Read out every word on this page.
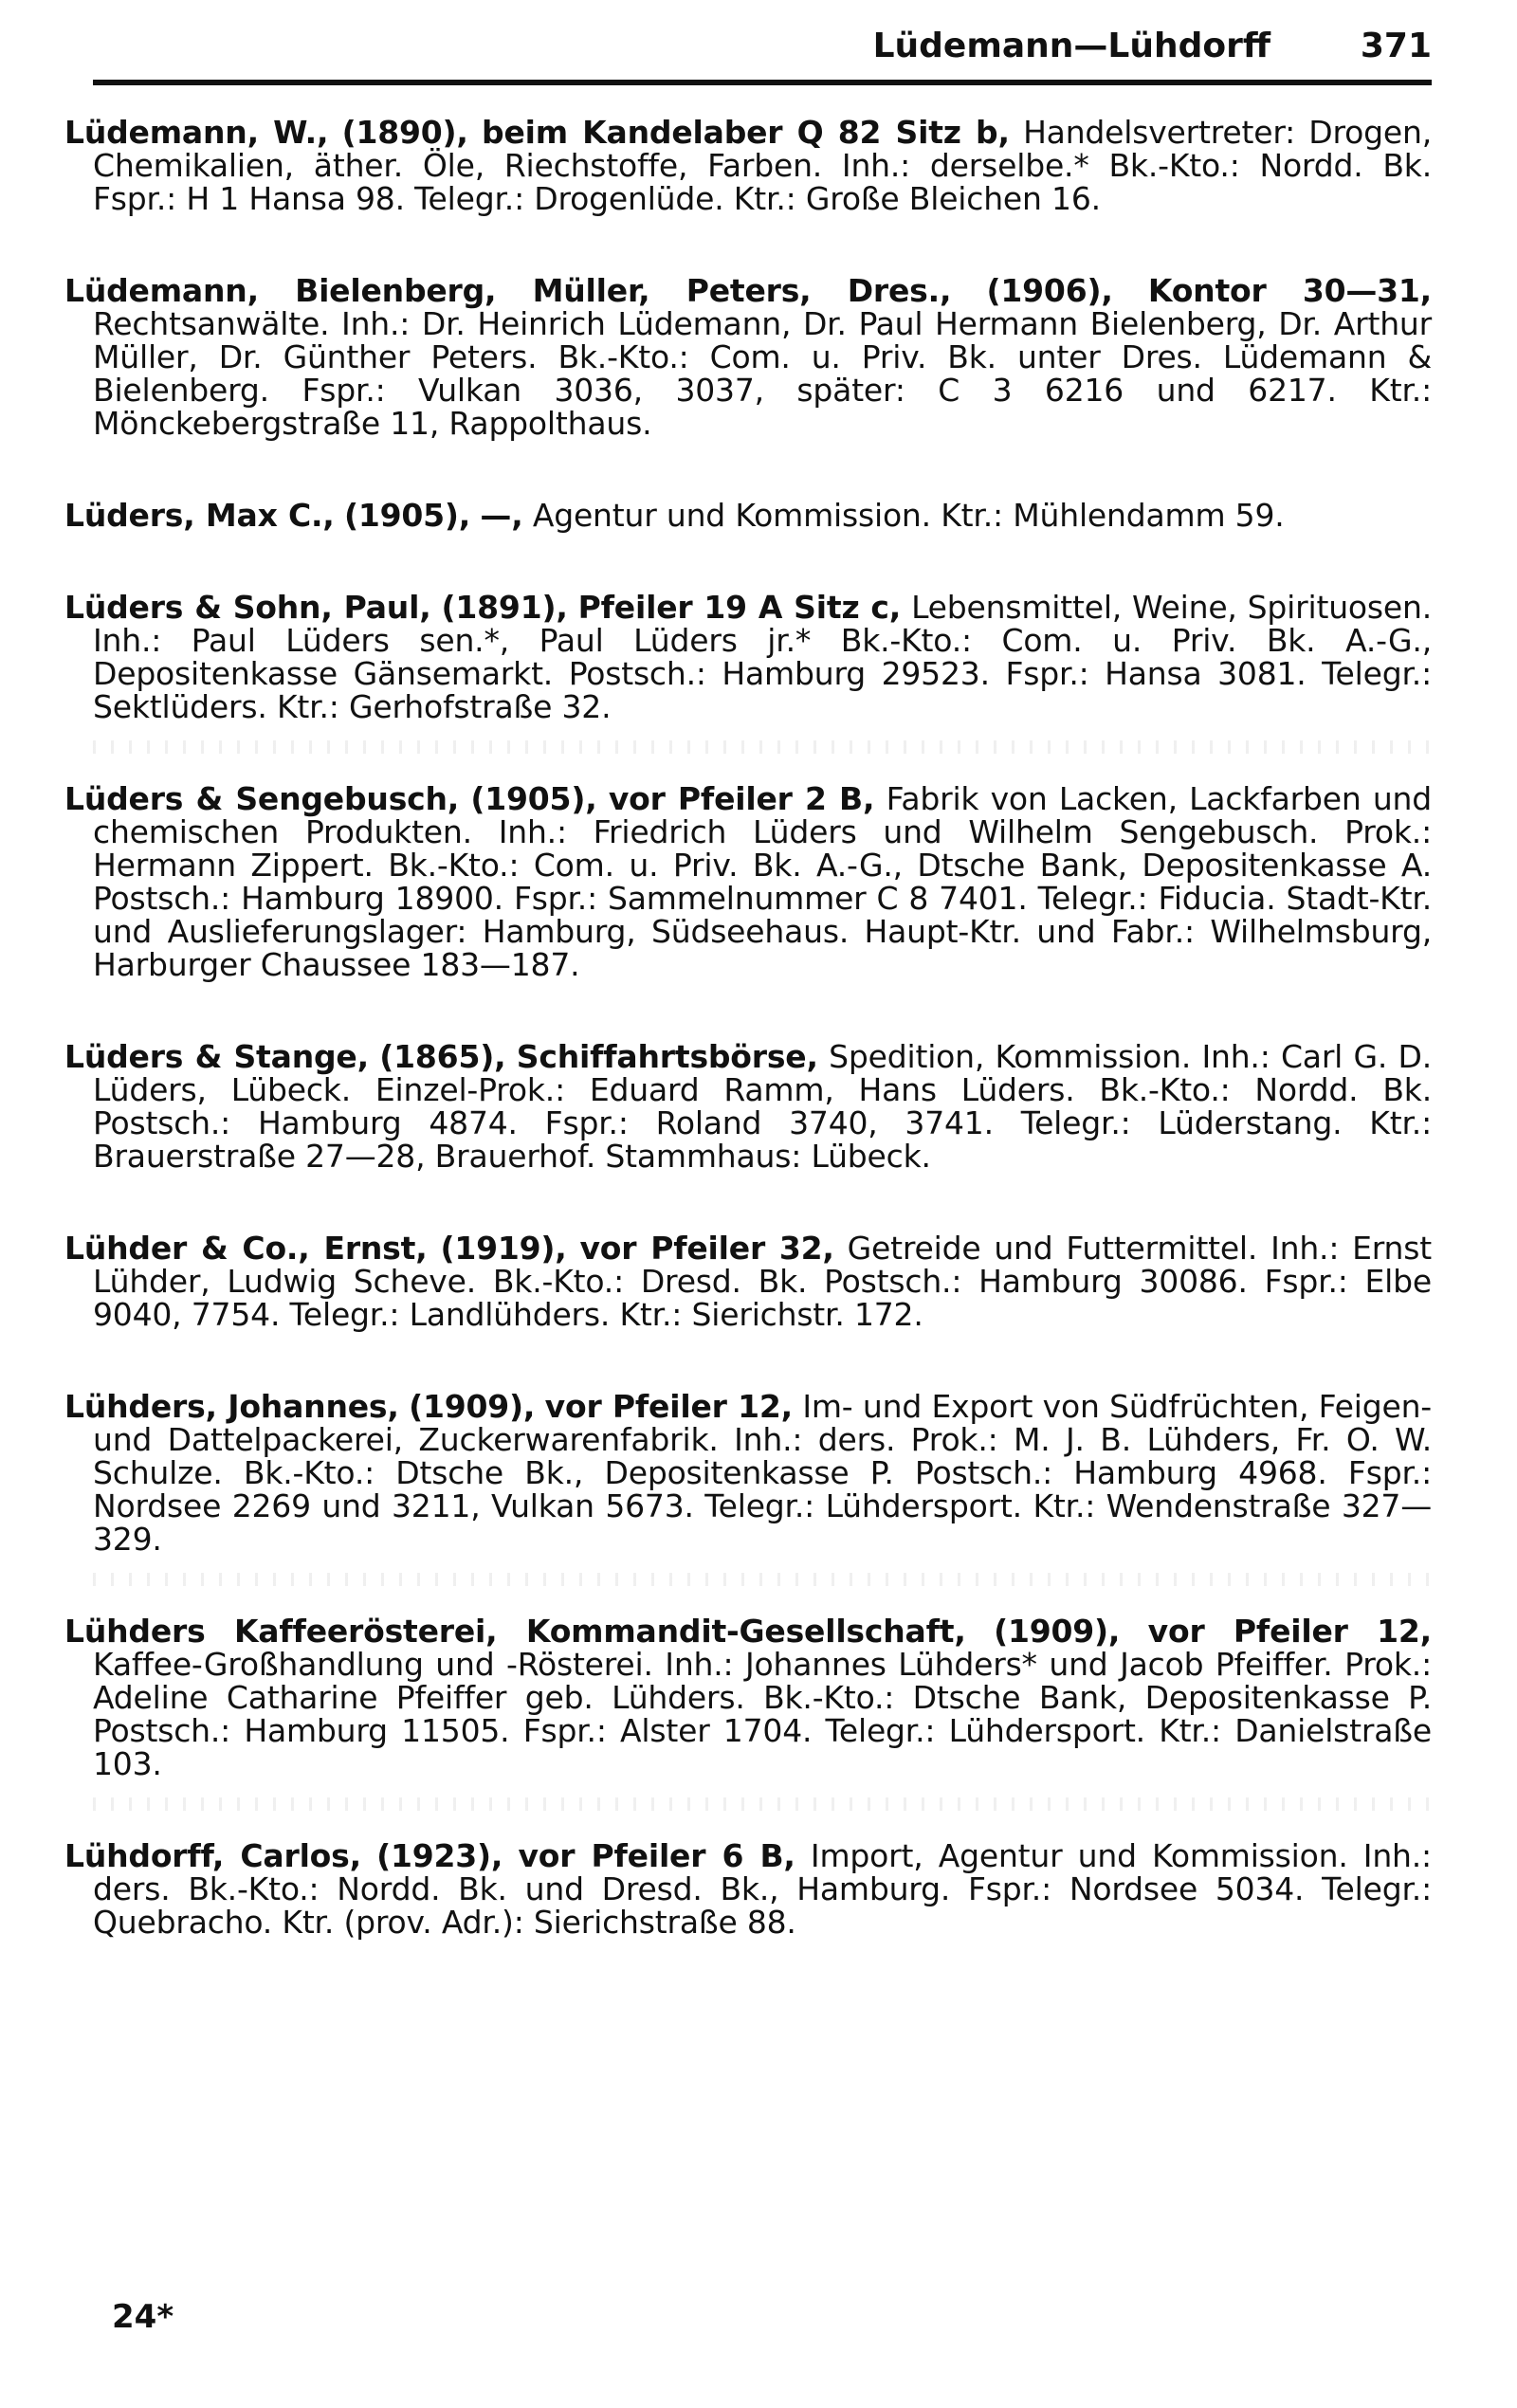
Lüdemann—Lühdorff	371

Lüdemann, W., (1890), beim Kandelaber Q 82 Sitz b, Handelsvertreter: Drogen, Chemikalien, äther. Öle, Riechstoffe, Farben. Inh.: derselbe.* Bk.-Kto.: Nordd. Bk. Fspr.: H 1 Hansa 98. Telegr.: Drogenlüde. Ktr.: Große Bleichen 16.

Lüdemann, Bielenberg, Müller, Peters, Dres., (1906), Kontor 30—31, Rechtsanwälte. Inh.: Dr. Heinrich Lüdemann, Dr. Paul Hermann Bielenberg, Dr. Arthur Müller, Dr. Günther Peters. Bk.-Kto.: Com. u. Priv. Bk. unter Dres. Lüdemann & Bielenberg. Fspr.: Vulkan 3036, 3037, später: C 3 6216 und 6217. Ktr.: Mönckebergstraße 11, Rappolthaus.

Lüders, Max C., (1905), —, Agentur und Kommission. Ktr.: Mühlendamm 59.

Lüders & Sohn, Paul, (1891), Pfeiler 19 A Sitz c, Lebensmittel, Weine, Spirituosen. Inh.: Paul Lüders sen.*, Paul Lüders jr.* Bk.-Kto.: Com. u. Priv. Bk. A.-G., Depositenkasse Gänsemarkt. Postsch.: Hamburg 29523. Fspr.: Hansa 3081. Telegr.: Sektlüders. Ktr.: Gerhofstraße 32.

Lüders & Sengebusch, (1905), vor Pfeiler 2 B, Fabrik von Lacken, Lackfarben und chemischen Produkten. Inh.: Friedrich Lüders und Wilhelm Sengebusch. Prok.: Hermann Zippert. Bk.-Kto.: Com. u. Priv. Bk. A.-G., Dtsche Bank, Depositenkasse A. Postsch.: Hamburg 18900. Fspr.: Sammelnummer C 8 7401. Telegr.: Fiducia. Stadt-Ktr. und Auslieferungslager: Hamburg, Südseehaus. Haupt-Ktr. und Fabr.: Wilhelmsburg, Harburger Chaussee 183—187.

Lüders & Stange, (1865), Schiffahrtsbörse, Spedition, Kommission. Inh.: Carl G. D. Lüders, Lübeck. Einzel-Prok.: Eduard Ramm, Hans Lüders. Bk.-Kto.: Nordd. Bk. Postsch.: Hamburg 4874. Fspr.: Roland 3740, 3741. Telegr.: Lüderstang. Ktr.: Brauerstraße 27—28, Brauerhof. Stammhaus: Lübeck.

Lühder & Co., Ernst, (1919), vor Pfeiler 32, Getreide und Futtermittel. Inh.: Ernst Lühder, Ludwig Scheve. Bk.-Kto.: Dresd. Bk. Postsch.: Hamburg 30086. Fspr.: Elbe 9040, 7754. Telegr.: Landlühders. Ktr.: Sierichstr. 172.

Lühders, Johannes, (1909), vor Pfeiler 12, Im- und Export von Südfrüchten, Feigen- und Dattelpackerei, Zuckerwarenfabrik. Inh.: ders. Prok.: M. J. B. Lühders, Fr. O. W. Schulze. Bk.-Kto.: Dtsche Bk., Depositenkasse P. Postsch.: Hamburg 4968. Fspr.: Nordsee 2269 und 3211, Vulkan 5673. Telegr.: Lühdersport. Ktr.: Wendenstraße 327—329.

Lühders Kaffeerösterei, Kommandit-Gesellschaft, (1909), vor Pfeiler 12, Kaffee-Großhandlung und -Rösterei. Inh.: Johannes Lühders* und Jacob Pfeiffer. Prok.: Adeline Catharine Pfeiffer geb. Lühders. Bk.-Kto.: Dtsche Bank, Depositenkasse P. Postsch.: Hamburg 11505. Fspr.: Alster 1704. Telegr.: Lühdersport. Ktr.: Danielstraße 103.

Lühdorff, Carlos, (1923), vor Pfeiler 6 B, Import, Agentur und Kommission. Inh.: ders. Bk.-Kto.: Nordd. Bk. und Dresd. Bk., Hamburg. Fspr.: Nordsee 5034. Telegr.: Quebracho. Ktr. (prov. Adr.): Sierichstraße 88.

24*
